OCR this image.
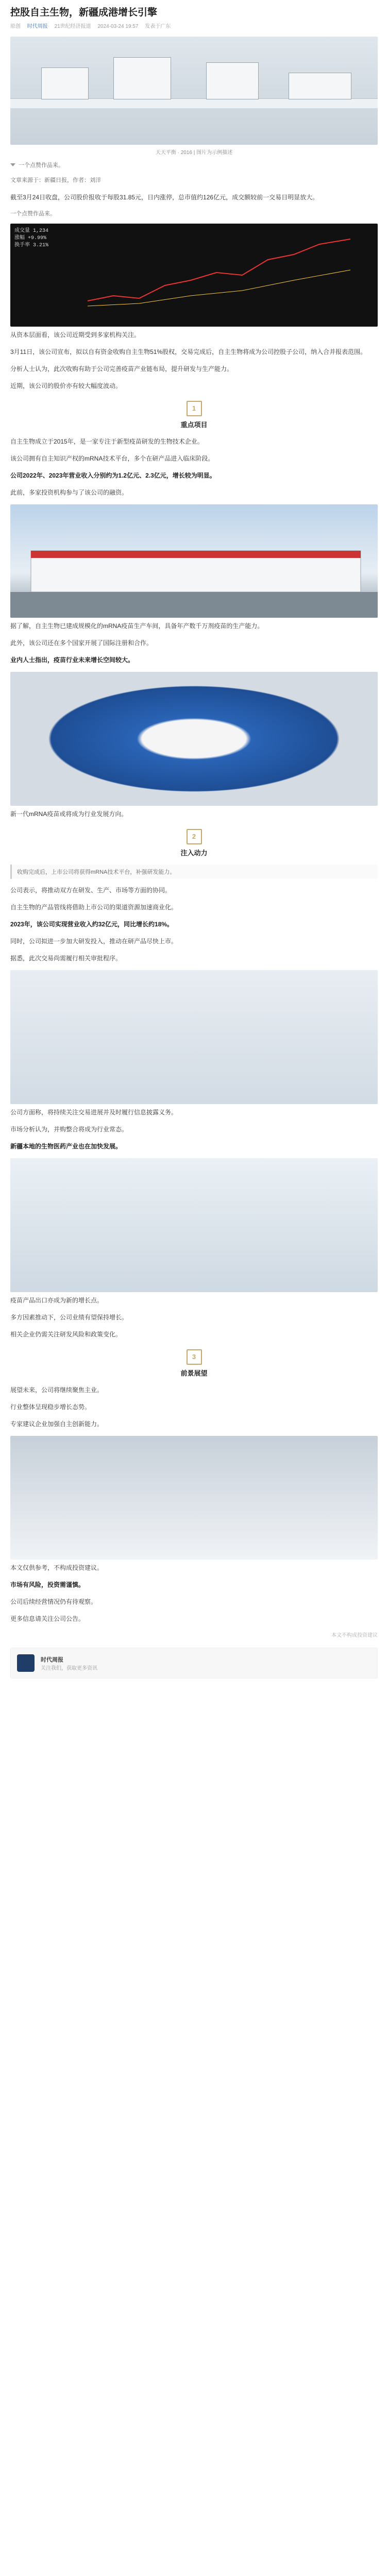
控股自主生物，新疆成港增长引擎
原创 时代周报 21世纪经济报道 2024-03-24 19:57 发表于广东
天天平衡 · 2016 | 图片为示例描述
一个点赞作品来。

文章来源于：新疆日报，作者：刘洋

截至3月24日收盘，公司股价报收于每股31.85元，日内涨停，总市值约126亿元，成交额较前一交易日明显放大。

一个点赞作品来。
成交量 1,234
涨幅 +9.99%
换手率 3.21%

从资本层面看，该公司近期受到多家机构关注。

3月11日，该公司宣布，拟以自有资金收购自主生物51%股权，交易完成后，自主生物将成为公司控股子公司，纳入合并报表范围。

分析人士认为，此次收购有助于公司完善疫苗产业链布局，提升研发与生产能力。

近期，该公司的股价亦有较大幅度波动。

1
重点项目

自主生物成立于2015年，是一家专注于新型疫苗研发的生物技术企业。

该公司拥有自主知识产权的mRNA技术平台，多个在研产品进入临床阶段。

公司2022年、2023年营业收入分别约为1.2亿元、2.3亿元，增长较为明显。

此前，多家投资机构参与了该公司的融资。

据了解，自主生物已建成规模化的mRNA疫苗生产车间，具备年产数千万剂疫苗的生产能力。

此外，该公司还在多个国家开展了国际注册和合作。

业内人士指出，疫苗行业未来增长空间较大。

新一代mRNA疫苗或将成为行业发展方向。

2
注入动力
收购完成后，上市公司将获得mRNA技术平台，补强研发能力。

公司表示，将推动双方在研发、生产、市场等方面的协同。

自主生物的产品管线将借助上市公司的渠道资源加速商业化。

2023年，该公司实现营业收入约32亿元，同比增长约18%。

同时，公司拟进一步加大研发投入，推动在研产品尽快上市。

据悉，此次交易尚需履行相关审批程序。

公司方面称，将持续关注交易进展并及时履行信息披露义务。

市场分析认为，并购整合将成为行业常态。

新疆本地的生物医药产业也在加快发展。

疫苗产品出口亦成为新的增长点。

多方因素推动下，公司业绩有望保持增长。

相关企业仍需关注研发风险和政策变化。

3
前景展望

展望未来，公司将继续聚焦主业。

行业整体呈现稳步增长态势。

专家建议企业加强自主创新能力。

本文仅供参考，不构成投资建议。

市场有风险，投资需谨慎。

公司后续经营情况仍有待观察。

更多信息请关注公司公告。

本文不构成投资建议
时代周报
关注我们，获取更多资讯
